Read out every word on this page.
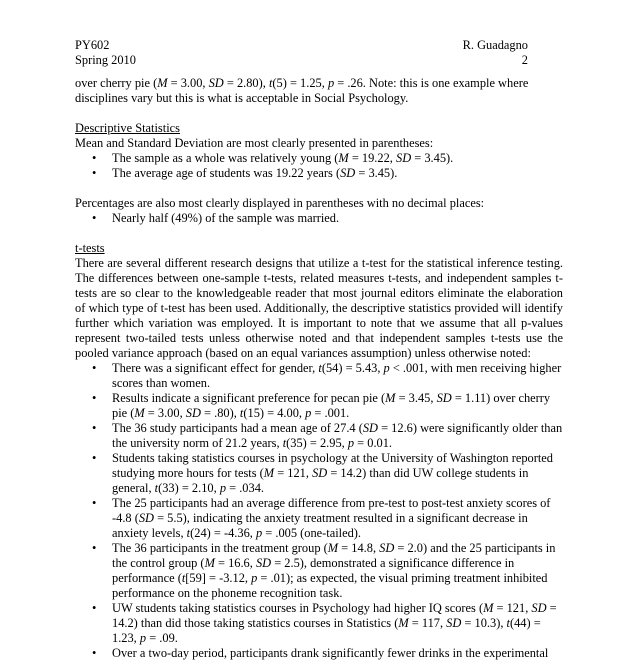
PY602	R. Guadagno
Spring 2010	2

over cherry pie (M = 3.00, SD = 2.80), t(5) = 1.25, p = .26. Note: this is one example where disciplines vary but this is what is acceptable in Social Psychology.

Descriptive Statistics

Mean and Standard Deviation are most clearly presented in parentheses:

• The sample as a whole was relatively young (M = 19.22, SD = 3.45).
• The average age of students was 19.22 years (SD = 3.45).

Percentages are also most clearly displayed in parentheses with no decimal places:

• Nearly half (49%) of the sample was married.

t-tests

There are several different research designs that utilize a t-test for the statistical inference testing. The differences between one-sample t-tests, related measures t-tests, and independent samples t-tests are so clear to the knowledgeable reader that most journal editors eliminate the elaboration of which type of t-test has been used. Additionally, the descriptive statistics provided will identify further which variation was employed. It is important to note that we assume that all p-values represent two-tailed tests unless otherwise noted and that independent samples t-tests use the pooled variance approach (based on an equal variances assumption) unless otherwise noted:

• There was a significant effect for gender, t(54) = 5.43, p < .001, with men receiving higher scores than women.
• Results indicate a significant preference for pecan pie (M = 3.45, SD = 1.11) over cherry pie (M = 3.00, SD = .80), t(15) = 4.00, p = .001.
• The 36 study participants had a mean age of 27.4 (SD = 12.6) were significantly older than the university norm of 21.2 years, t(35) = 2.95, p = 0.01.
• Students taking statistics courses in psychology at the University of Washington reported studying more hours for tests (M = 121, SD = 14.2) than did UW college students in general, t(33) = 2.10, p = .034.
• The 25 participants had an average difference from pre-test to post-test anxiety scores of -4.8 (SD = 5.5), indicating the anxiety treatment resulted in a significant decrease in anxiety levels, t(24) = -4.36, p = .005 (one-tailed).
• The 36 participants in the treatment group (M = 14.8, SD = 2.0) and the 25 participants in the control group (M = 16.6, SD = 2.5), demonstrated a significance difference in performance (t[59] = -3.12, p = .01); as expected, the visual priming treatment inhibited performance on the phoneme recognition task.
• UW students taking statistics courses in Psychology had higher IQ scores (M = 121, SD = 14.2) than did those taking statistics courses in Statistics (M = 117, SD = 10.3), t(44) = 1.23, p = .09.
• Over a two-day period, participants drank significantly fewer drinks in the experimental
